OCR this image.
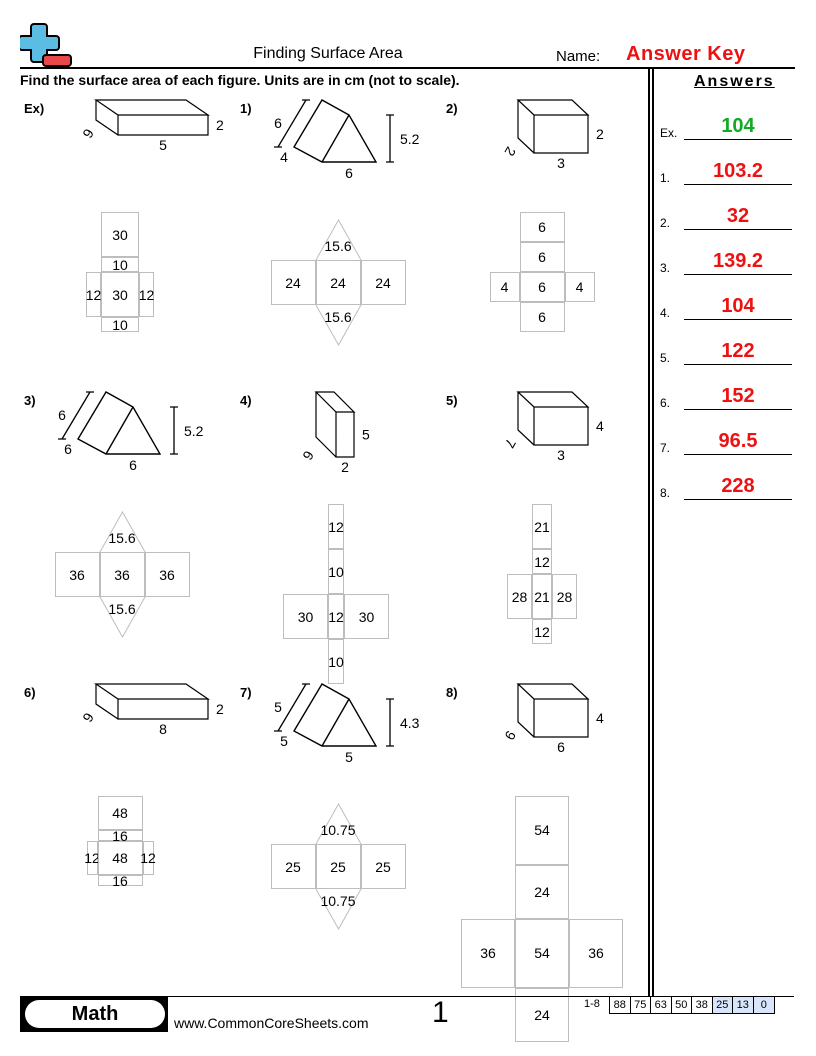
Finding Surface Area	Name: Answer Key
Find the surface area of each figure. Units are in cm (not to scale).	Answers
Ex.	104
1.	103.2
2.	32
3.	139.2
4.	104
5.	122
6.	152
7.	96.5
8.	228
Ex)
2
5
6
30
10
12 30 12
10
1)
6
4
6
5.2
15.6
15.6
24	24	24
2)
2
3
2
6
6
4	6	4
6
3)
6
6
6
5.2
15.6
15.6
36	36	36
4)
5
2
6
12
10
30	12	30
10
5)
4
3
7
21
12
28 21 28
12
6)
2
8
6
48
16
12 48 12
16
7)
5
5
5
4.3
10.75
10.75
25	25	25
8)
4
6
9
54
24
36	54	36
24
Math	www.CommonCoreSheets.com 1	1-8	88 75 63 50 38 25 13	0
